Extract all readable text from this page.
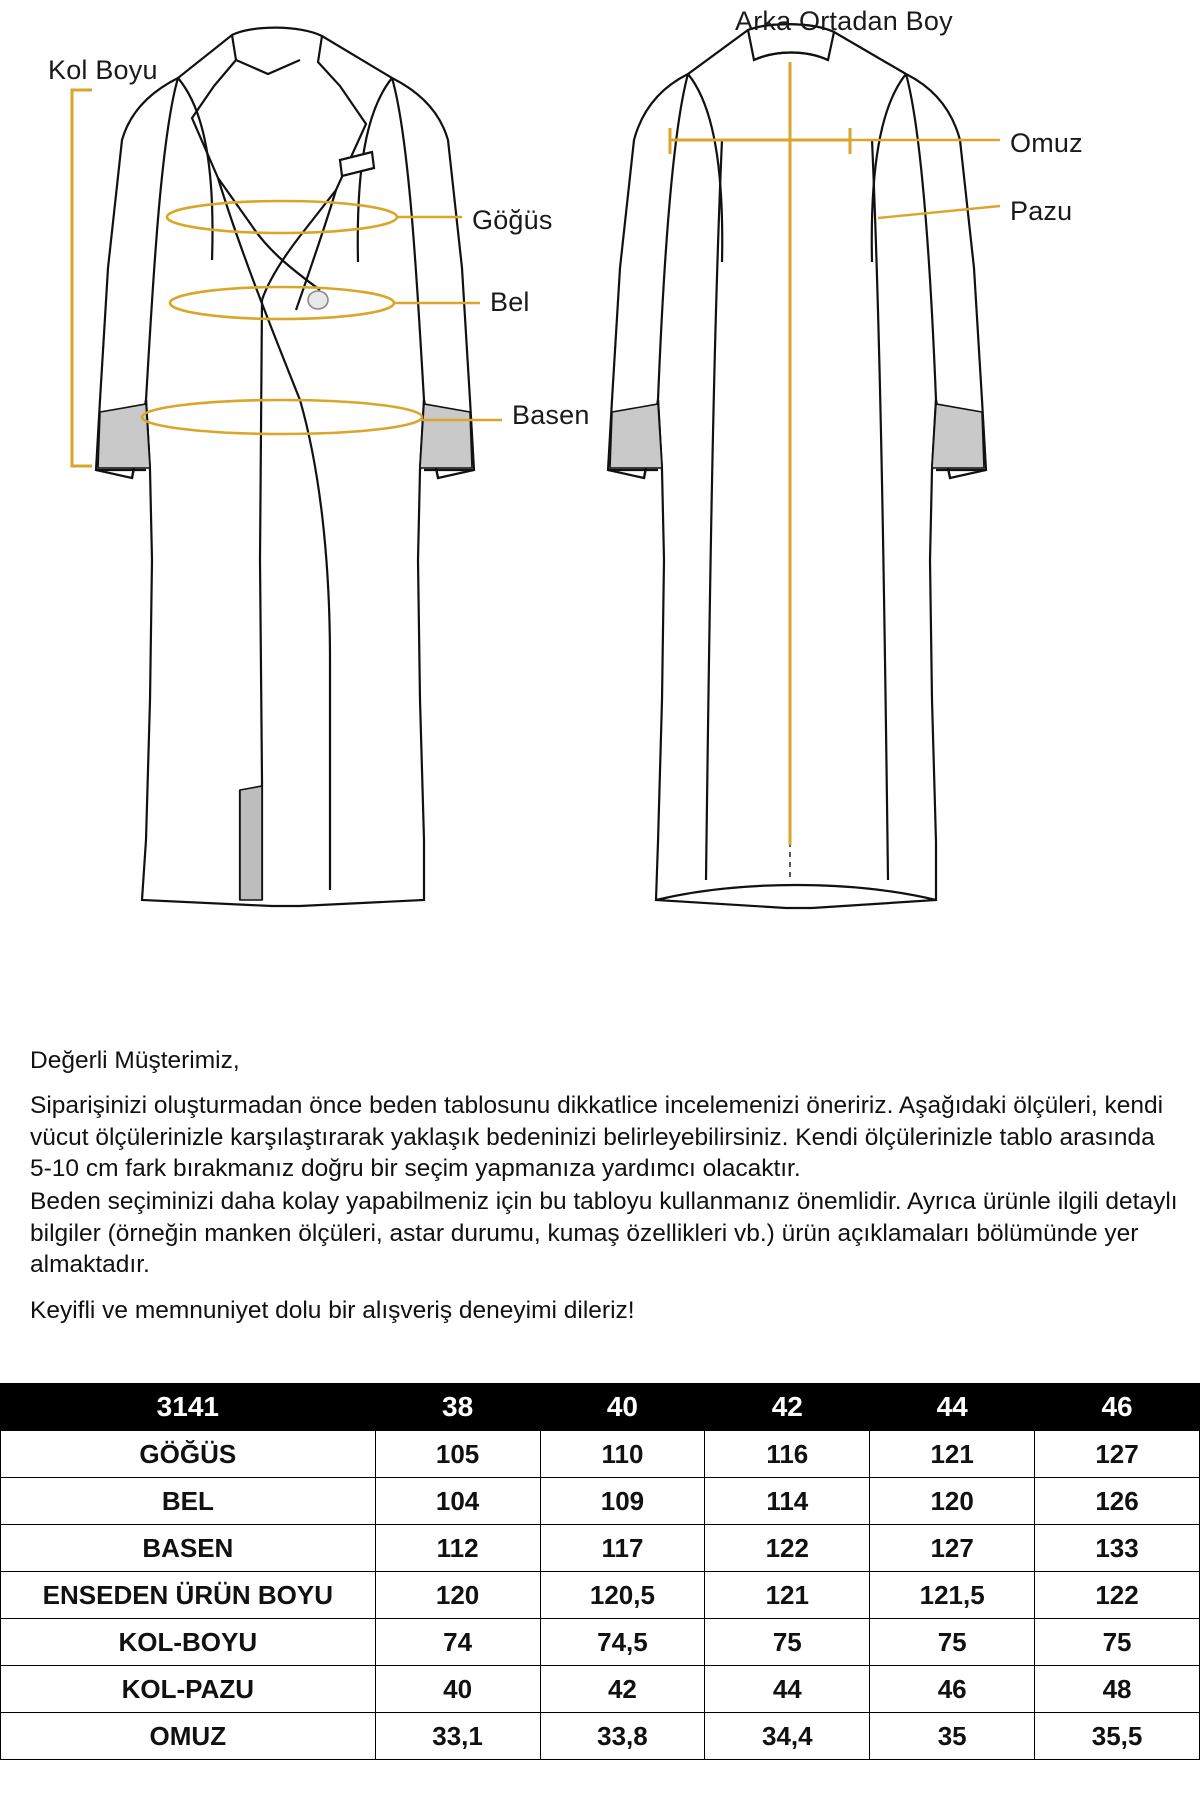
Kol Boyu
Göğüs
Bel
Basen
Arka Ortadan Boy
Omuz
Pazu

Değerli Müşterimiz,

Siparişinizi oluşturmadan önce beden tablosunu dikkatlice incelemenizi öneririz. Aşağıdaki ölçüleri, kendi vücut ölçülerinizle karşılaştırarak yaklaşık bedeninizi belirleyebilirsiniz. Kendi ölçülerinizle tablo arasında 5-10 cm fark bırakmanız doğru bir seçim yapmanıza yardımcı olacaktır.

Beden seçiminizi daha kolay yapabilmeniz için bu tabloyu kullanmanız önemlidir. Ayrıca ürünle ilgili detaylı bilgiler (örneğin manken ölçüleri, astar durumu, kumaş özellikleri vb.) ürün açıklamaları bölümünde yer almaktadır.

Keyifli ve memnuniyet dolu bir alışveriş deneyimi dileriz!

3141	38	40	42	44	46
GÖĞÜS	105	110	116	121	127
BEL	104	109	114	120	126
BASEN	112	117	122	127	133
ENSEDEN ÜRÜN BOYU	120	120,5	121	121,5	122
KOL-BOYU	74	74,5	75	75	75
KOL-PAZU	40	42	44	46	48
OMUZ	33,1	33,8	34,4	35	35,5
